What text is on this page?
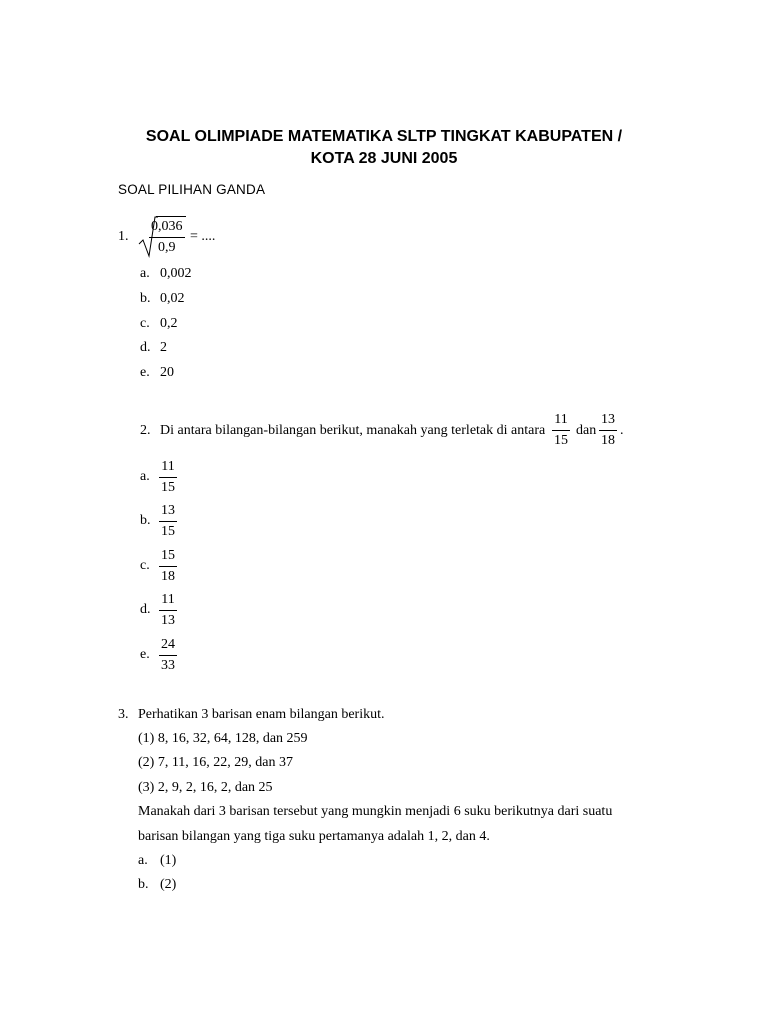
SOAL OLIMPIADE MATEMATIKA SLTP TINGKAT KABUPATEN /
KOTA 28 JUNI 2005
SOAL PILIHAN GANDA
1. $\frac{0,036}{0,9}$ = ....
a. 0,002
b. 0,02
c. 0,2
d. 2
e. 20
2. Di antara bilangan-bilangan berikut, manakah yang terletak di antara $\frac{11}{15}$ dan $\frac{13}{18}$ .
a. $\frac{11}{15}$
b. $\frac{13}{15}$
c. $\frac{15}{18}$
d. $\frac{11}{13}$
e. $\frac{24}{33}$
3. Perhatikan 3 barisan enam bilangan berikut.
(1) 8, 16, 32, 64, 128, dan 259
(2) 7, 11, 16, 22, 29, dan 37
(3) 2, 9, 2, 16, 2, dan 25
Manakah dari 3 barisan tersebut yang mungkin menjadi 6 suku berikutnya dari suatu
barisan bilangan yang tiga suku pertamanya adalah 1, 2, dan 4.
a. (1)
b. (2)
